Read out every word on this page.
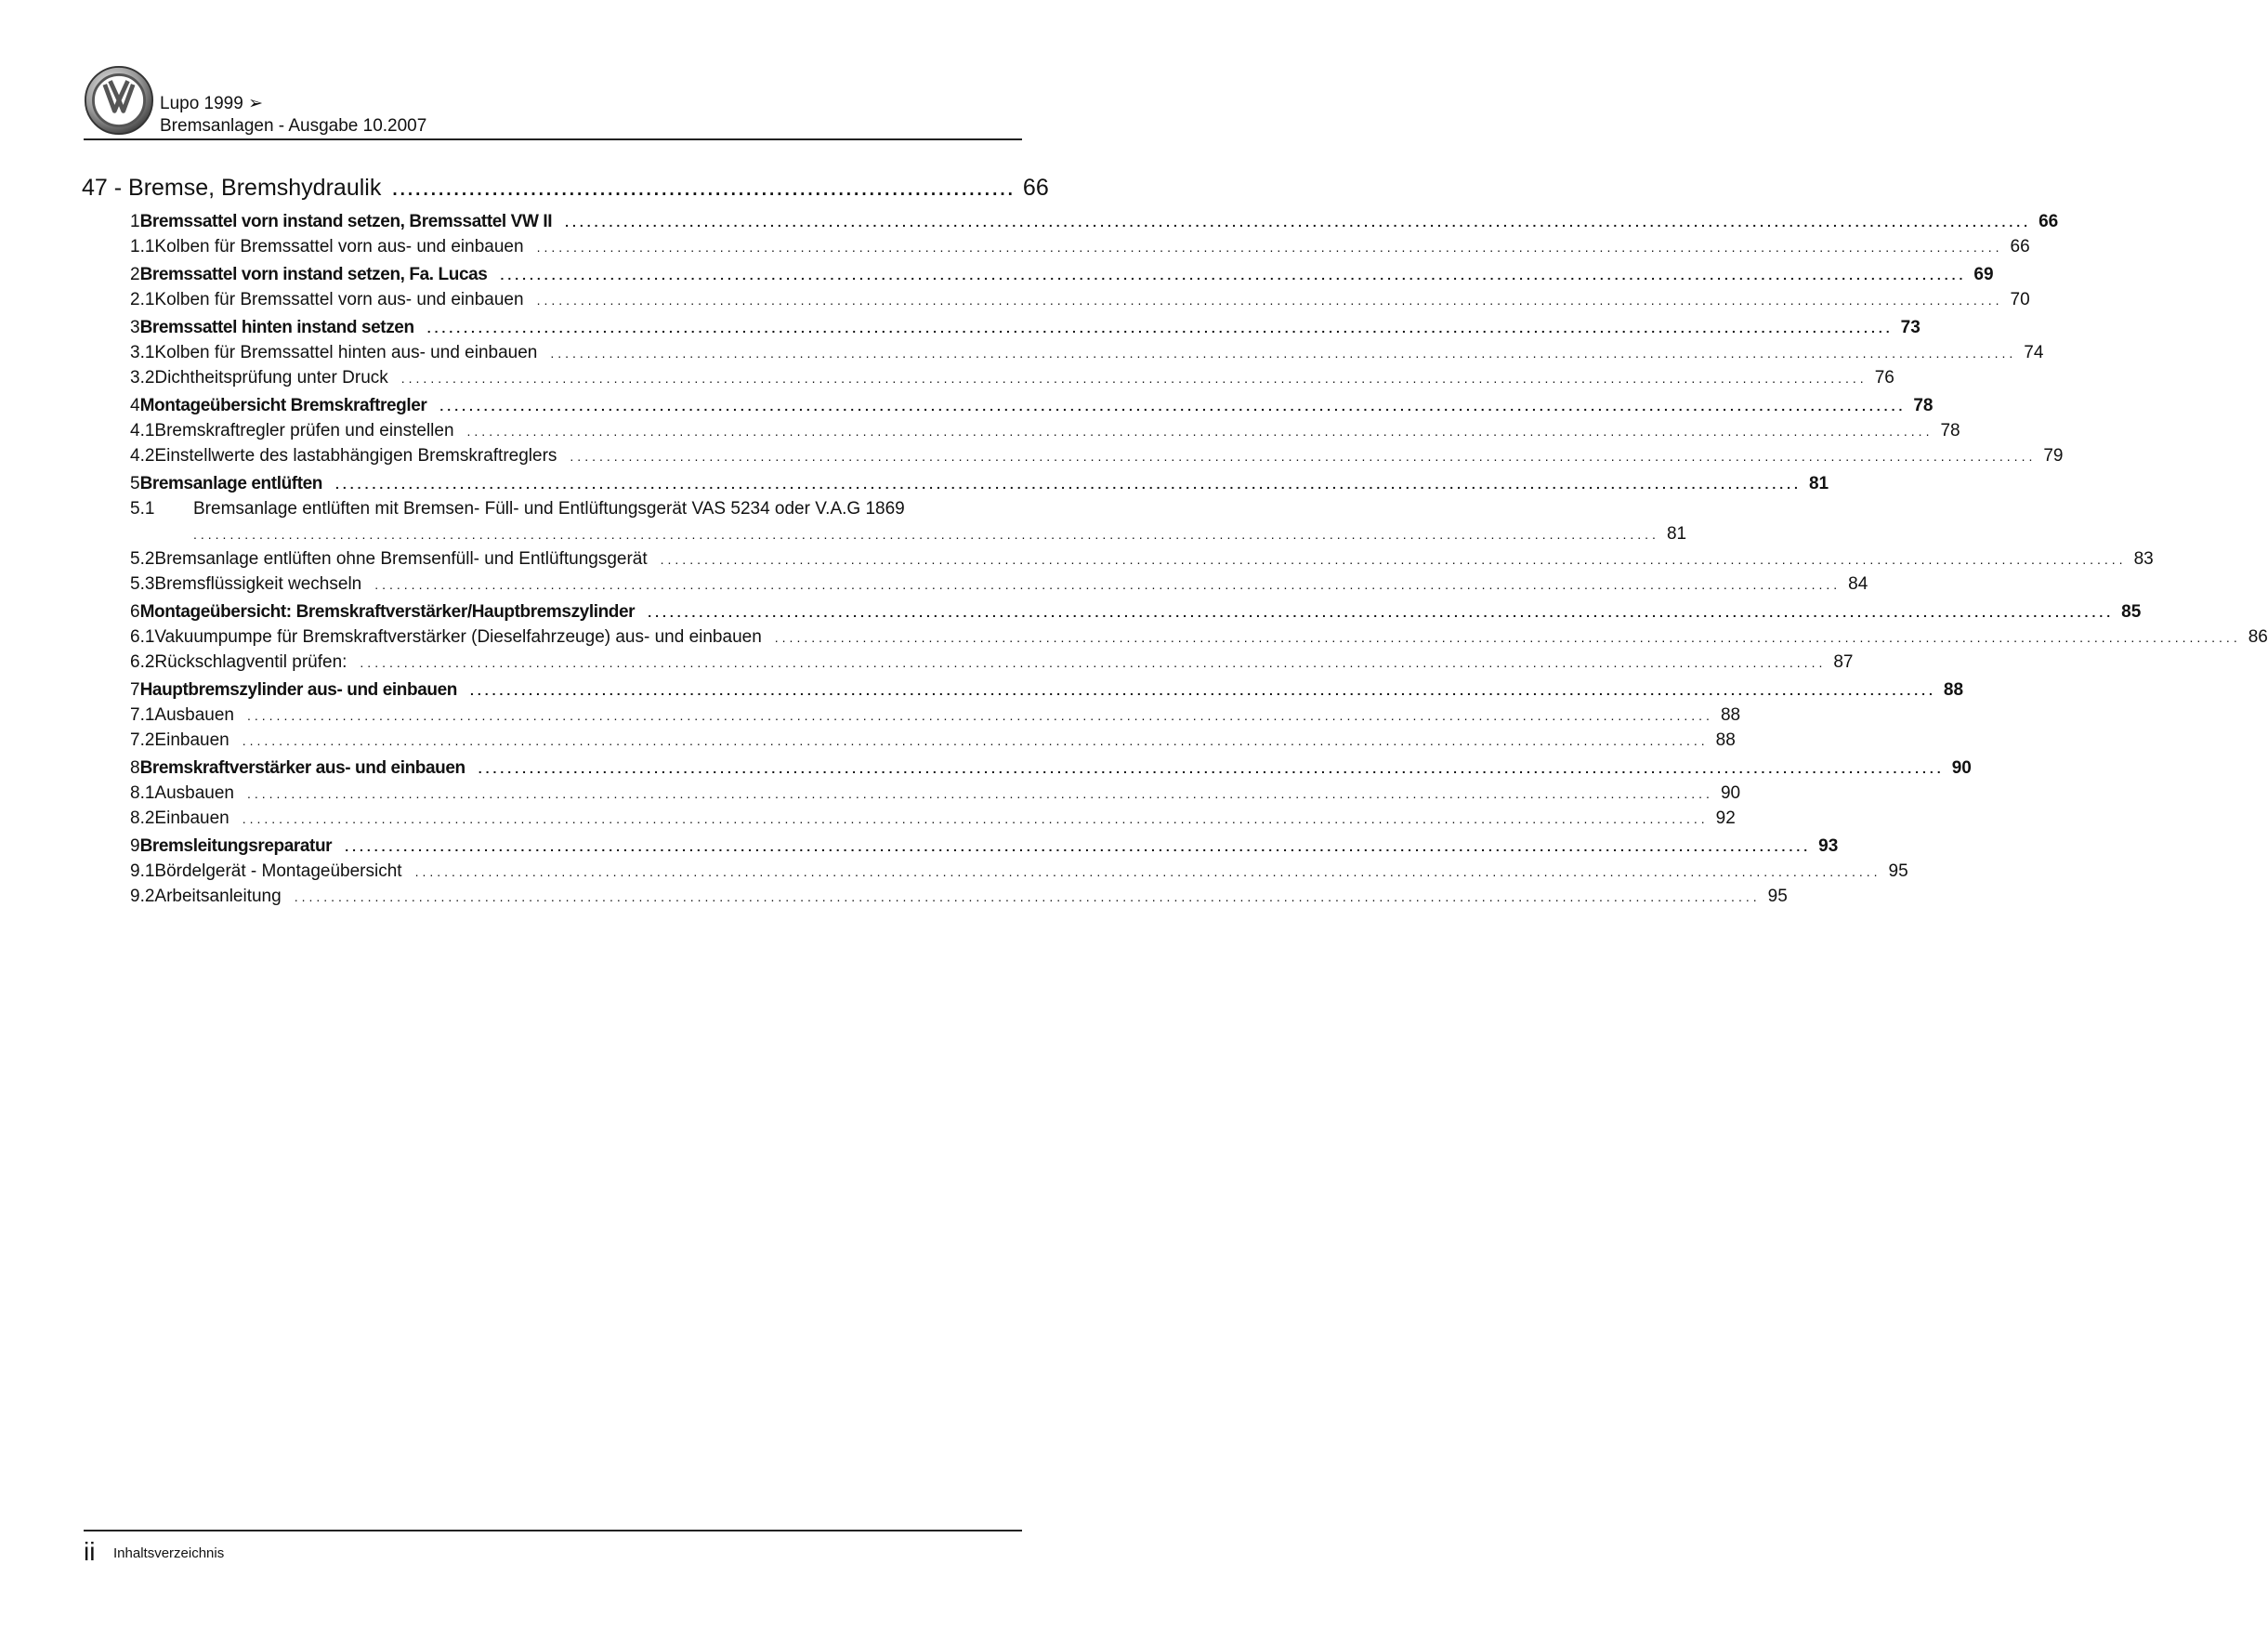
Lupo 1999 ➢
Bremsanlagen - Ausgabe 10.2007
47 - Bremse, Bremshydraulik ................................................................................. 66
1 Bremssattel vorn instand setzen, Bremssattel VW II ........................................................................................................................................................................................................ 66
1.1 Kolben für Bremssattel vorn aus- und einbauen ........................................................................................................................................................................................................ 66
2 Bremssattel vorn instand setzen, Fa. Lucas ........................................................................................................................................................................................................ 69
2.1 Kolben für Bremssattel vorn aus- und einbauen ........................................................................................................................................................................................................ 70
3 Bremssattel hinten instand setzen ........................................................................................................................................................................................................ 73
3.1 Kolben für Bremssattel hinten aus- und einbauen ........................................................................................................................................................................................................ 74
3.2 Dichtheitsprüfung unter Druck ........................................................................................................................................................................................................ 76
4 Montageübersicht Bremskraftregler ........................................................................................................................................................................................................ 78
4.1 Bremskraftregler prüfen und einstellen ........................................................................................................................................................................................................ 78
4.2 Einstellwerte des lastabhängigen Bremskraftreglers ........................................................................................................................................................................................................ 79
5 Bremsanlage entlüften ........................................................................................................................................................................................................ 81
5.1	Bremsanlage entlüften mit Bremsen- Füll- und Entlüftungsgerät VAS 5234 oder V.A.G 1869
........................................................................................................................................................................................................ 81
5.2 Bremsanlage entlüften ohne Bremsenfüll- und Entlüftungsgerät ........................................................................................................................................................................................................ 83
5.3 Bremsflüssigkeit wechseln ........................................................................................................................................................................................................ 84
6 Montageübersicht: Bremskraftverstärker/Hauptbremszylinder ........................................................................................................................................................................................................ 85
6.1 Vakuumpumpe für Bremskraftverstärker (Dieselfahrzeuge) aus- und einbauen ........................................................................................................................................................................................................ 86
6.2 Rückschlagventil prüfen: ........................................................................................................................................................................................................ 87
7 Hauptbremszylinder aus- und einbauen ........................................................................................................................................................................................................ 88
7.1 Ausbauen ........................................................................................................................................................................................................ 88
7.2 Einbauen ........................................................................................................................................................................................................ 88
8 Bremskraftverstärker aus- und einbauen ........................................................................................................................................................................................................ 90
8.1 Ausbauen ........................................................................................................................................................................................................ 90
8.2 Einbauen ........................................................................................................................................................................................................ 92
9 Bremsleitungsreparatur ........................................................................................................................................................................................................ 93
9.1 Bördelgerät - Montageübersicht ........................................................................................................................................................................................................ 95
9.2 Arbeitsanleitung ........................................................................................................................................................................................................ 95
ii Inhaltsverzeichnis
